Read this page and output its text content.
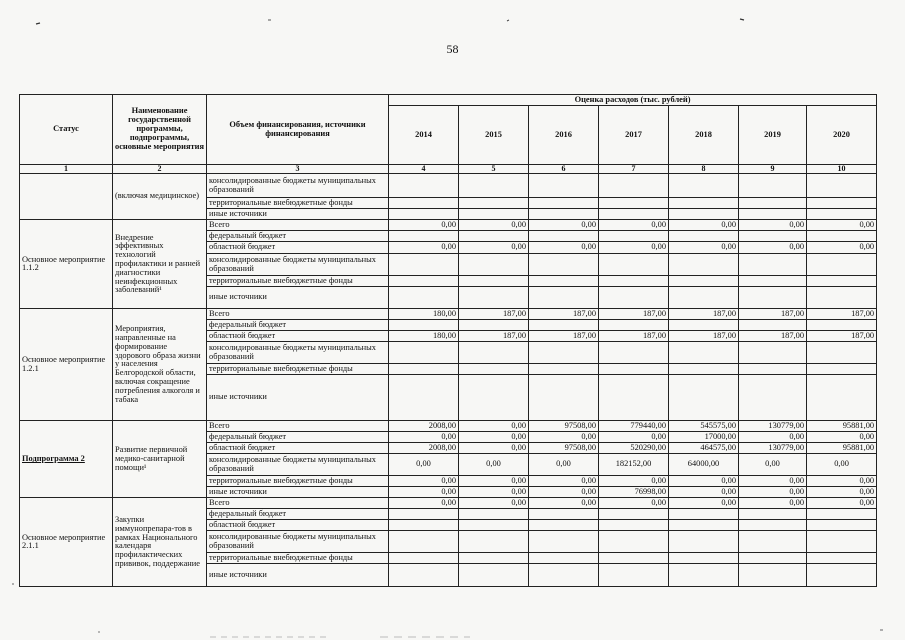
58
Статус	Наименование государственной программы, подпрограммы, основные мероприятия	Объем финансирования, источники финансирования	Оценка расходов (тыс. рублей)						
			2014	2015	2016	2017	2018	2019	2020
1	2	3	4	5	6	7	8	9	10
	(включая медицинское)	консолидированные бюджеты муниципальных образований							
		территориальные внебюджетные фонды							
		иные источники							
Основное мероприятие 1.1.2	Внедрение эффективных технологий профилактики и ранней диагностики неинфекционных заболеваний¹	Всего	0,00	0,00	0,00	0,00	0,00	0,00	0,00
		федеральный бюджет							
		областной бюджет	0,00	0,00	0,00	0,00	0,00	0,00	0,00
		консолидированные бюджеты муниципальных образований							
		территориальные внебюджетные фонды							
		иные источники							
Основное мероприятие 1.2.1	Мероприятия, направленные на формирование здорового образа жизни у населения Белгородской области, включая сокращение потребления алкоголя и табака	Всего	180,00	187,00	187,00	187,00	187,00	187,00	187,00
		федеральный бюджет							
		областной бюджет	180,00	187,00	187,00	187,00	187,00	187,00	187,00
		консолидированные бюджеты муниципальных образований							
		территориальные внебюджетные фонды							
		иные источники							
Подпрограмма 2	Развитие первичной медико-санитарной помощи¹	Всего	2008,00	0,00	97508,00	779440,00	545575,00	130779,00	95881,00
		федеральный бюджет	0,00	0,00	0,00	0,00	17000,00	0,00	0,00
		областной бюджет	2008,00	0,00	97508,00	520290,00	464575,00	130779,00	95881,00
		консолидированные бюджеты муниципальных образований	0,00	0,00	0,00	182152,00	64000,00	0,00	0,00
		территориальные внебюджетные фонды	0,00	0,00	0,00	0,00	0,00	0,00	0,00
		иные источники	0,00	0,00	0,00	76998,00	0,00	0,00	0,00
Основное мероприятие 2.1.1	Закупки иммунопрепара-тов в рамках Национального календаря профилактических прививок, поддержание	Всего	0,00	0,00	0,00	0,00	0,00	0,00	0,00
		федеральный бюджет							
		областной бюджет							
		консолидированные бюджеты муниципальных образований							
		территориальные внебюджетные фонды							
		иные источники							
